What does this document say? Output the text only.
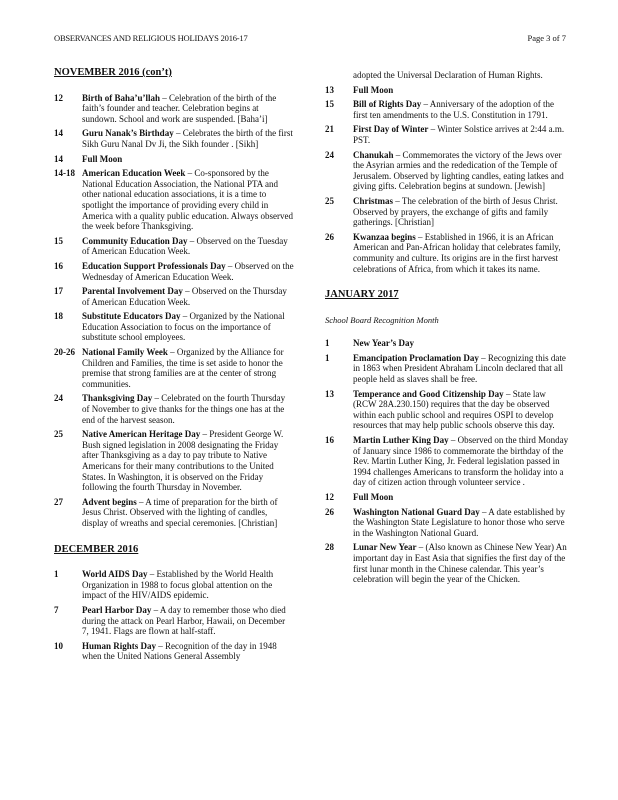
OBSERVANCES AND RELIGIOUS HOLIDAYS 2016-17	Page 3 of 7
NOVEMBER 2016 (con’t)
12	Birth of Baha’u’llah – Celebration of the birth of the faith’s founder and teacher. Celebration begins at sundown. School and work are suspended. [Baha’i]
14	Guru Nanak’s Birthday – Celebrates the birth of the first Sikh Guru Nanal Dv Ji, the Sikh founder . [Sikh]
14	Full Moon
14-18 American Education Week – Co-sponsored by the National Education Association, the National PTA and other national education associations, it is a time to spotlight the importance of providing every child in America with a quality public education. Always observed the week before Thanksgiving.
15	Community Education Day – Observed on the Tuesday of American Education Week.
16	Education Support Professionals Day – Observed on the Wednesday of American Education Week.
17	Parental Involvement Day – Observed on the Thursday of American Education Week.
18	Substitute Educators Day – Organized by the National Education Association to focus on the importance of substitute school employees.
20-26 National Family Week – Organized by the Alliance for Children and Families, the time is set aside to honor the premise that strong families are at the center of strong communities.
24	Thanksgiving Day – Celebrated on the fourth Thursday of November to give thanks for the things one has at the end of the harvest season.
25	Native American Heritage Day – President George W. Bush signed legislation in 2008 designating the Friday after Thanksgiving as a day to pay tribute to Native Americans for their many contributions to the United States. In Washington, it is observed on the Friday following the fourth Thursday in November.
27	Advent begins – A time of preparation for the birth of Jesus Christ. Observed with the lighting of candles, display of wreaths and special ceremonies. [Christian]
DECEMBER 2016
1	World AIDS Day – Established by the World Health Organization in 1988 to focus global attention on the impact of the HIV/AIDS epidemic.
7	Pearl Harbor Day – A day to remember those who died during the attack on Pearl Harbor, Hawaii, on December 7, 1941. Flags are flown at half-staff.
10	Human Rights Day – Recognition of the day in 1948 when the United Nations General Assembly
adopted the Universal Declaration of Human Rights.
13	Full Moon
15	Bill of Rights Day – Anniversary of the adoption of the first ten amendments to the U.S. Constitution in 1791.
21	First Day of Winter – Winter Solstice arrives at 2:44 a.m. PST.
24	Chanukah – Commemorates the victory of the Jews over the Asyrian armies and the rededication of the Temple of Jerusalem. Observed by lighting candles, eating latkes and giving gifts. Celebration begins at sundown. [Jewish]
25	Christmas – The celebration of the birth of Jesus Christ. Observed by prayers, the exchange of gifts and family gatherings. [Christian]
26	Kwanzaa begins – Established in 1966, it is an African American and Pan-African holiday that celebrates family, community and culture. Its origins are in the first harvest celebrations of Africa, from which it takes its name.
JANUARY 2017
School Board Recognition Month
1	New Year’s Day
1	Emancipation Proclamation Day – Recognizing this date in 1863 when President Abraham Lincoln declared that all people held as slaves shall be free.
13	Temperance and Good Citizenship Day – State law (RCW 28A.230.150) requires that the day be observed within each public school and requires OSPI to develop resources that may help public schools observe this day.
16	Martin Luther King Day – Observed on the third Monday of January since 1986 to commemorate the birthday of the Rev. Martin Luther King, Jr. Federal legislation passed in 1994 challenges Americans to transform the holiday into a day of citizen action through volunteer service .
12	Full Moon
26	Washington National Guard Day – A date established by the Washington State Legislature to honor those who serve in the Washington National Guard.
28	Lunar New Year – (Also known as Chinese New Year) An important day in East Asia that signifies the first day of the first lunar month in the Chinese calendar. This year’s celebration will begin the year of the Chicken.
